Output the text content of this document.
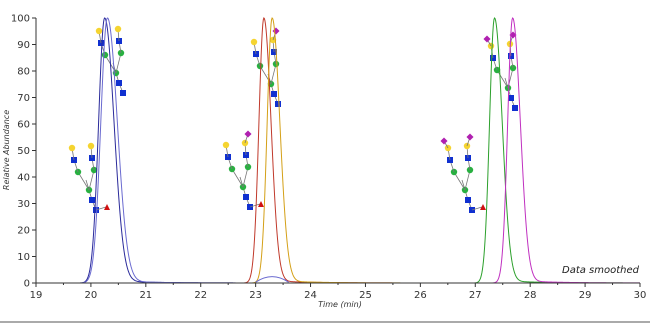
19	20	21	22	23	24	25	26	27	28	29	30
0
10
20
30
40
50
60
70
80
90
100
Time (min)
Relative Abundance
Data smoothed
